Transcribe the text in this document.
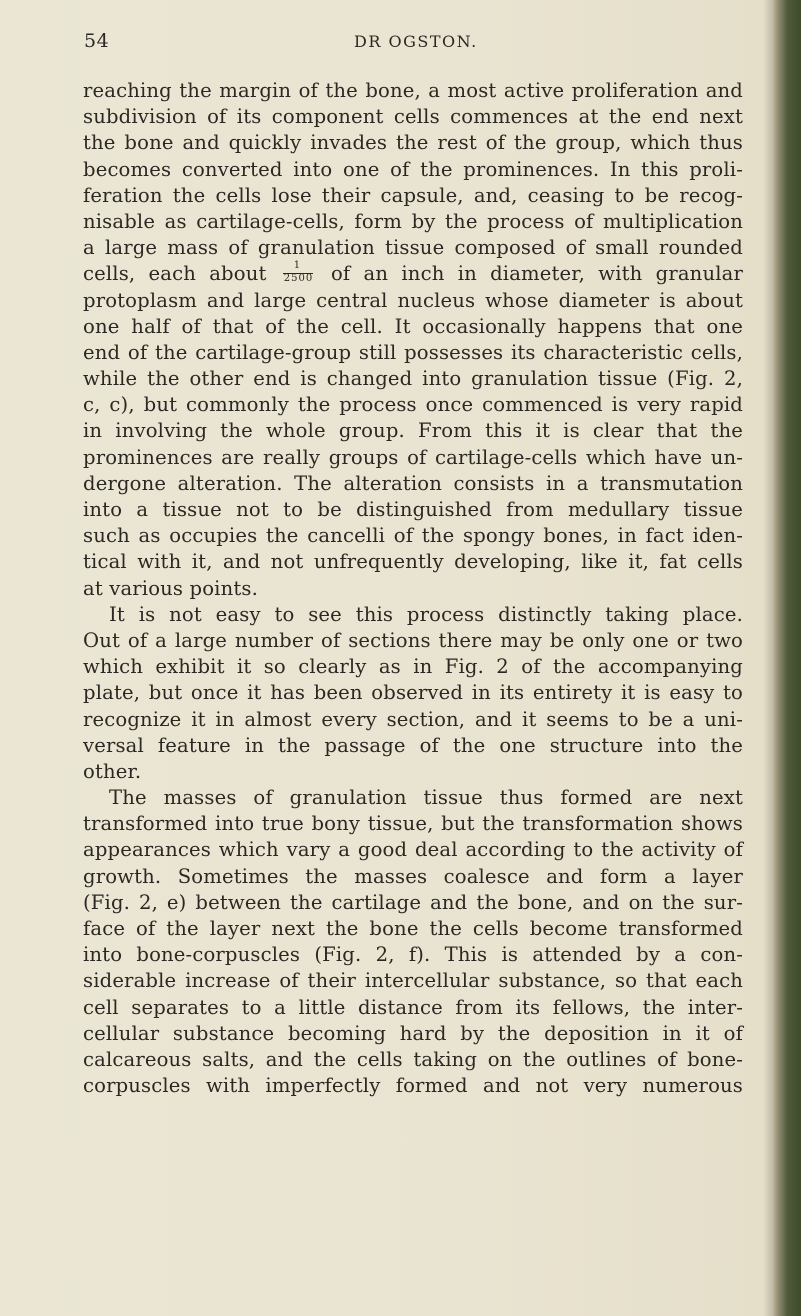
54	DR OGSTON.
reaching the margin of the bone, a most active proliferation and
subdivision of its component cells commences at the end next
the bone and quickly invades the rest of the group, which thus
becomes converted into one of the prominences. In this proli-
feration the cells lose their capsule, and, ceasing to be recog-
nisable as cartilage-cells, form by the process of multiplication
a large mass of granulation tissue composed of small rounded
cells, each about $\frac{1}{2500}$ of an inch in diameter, with granular
protoplasm and large central nucleus whose diameter is about
one half of that of the cell. It occasionally happens that one
end of the cartilage-group still possesses its characteristic cells,
while the other end is changed into granulation tissue (Fig. 2,
c, c), but commonly the process once commenced is very rapid
in involving the whole group. From this it is clear that the
prominences are really groups of cartilage-cells which have un-
dergone alteration. The alteration consists in a transmutation
into a tissue not to be distinguished from medullary tissue
such as occupies the cancelli of the spongy bones, in fact iden-
tical with it, and not unfrequently developing, like it, fat cells
at various points.
It is not easy to see this process distinctly taking place.
Out of a large number of sections there may be only one or two
which exhibit it so clearly as in Fig. 2 of the accompanying
plate, but once it has been observed in its entirety it is easy to
recognize it in almost every section, and it seems to be a uni-
versal feature in the passage of the one structure into the
other.
The masses of granulation tissue thus formed are next
transformed into true bony tissue, but the transformation shows
appearances which vary a good deal according to the activity of
growth. Sometimes the masses coalesce and form a layer
(Fig. 2, e) between the cartilage and the bone, and on the sur-
face of the layer next the bone the cells become transformed
into bone-corpuscles (Fig. 2, f). This is attended by a con-
siderable increase of their intercellular substance, so that each
cell separates to a little distance from its fellows, the inter-
cellular substance becoming hard by the deposition in it of
calcareous salts, and the cells taking on the outlines of bone-
corpuscles with imperfectly formed and not very numerous
